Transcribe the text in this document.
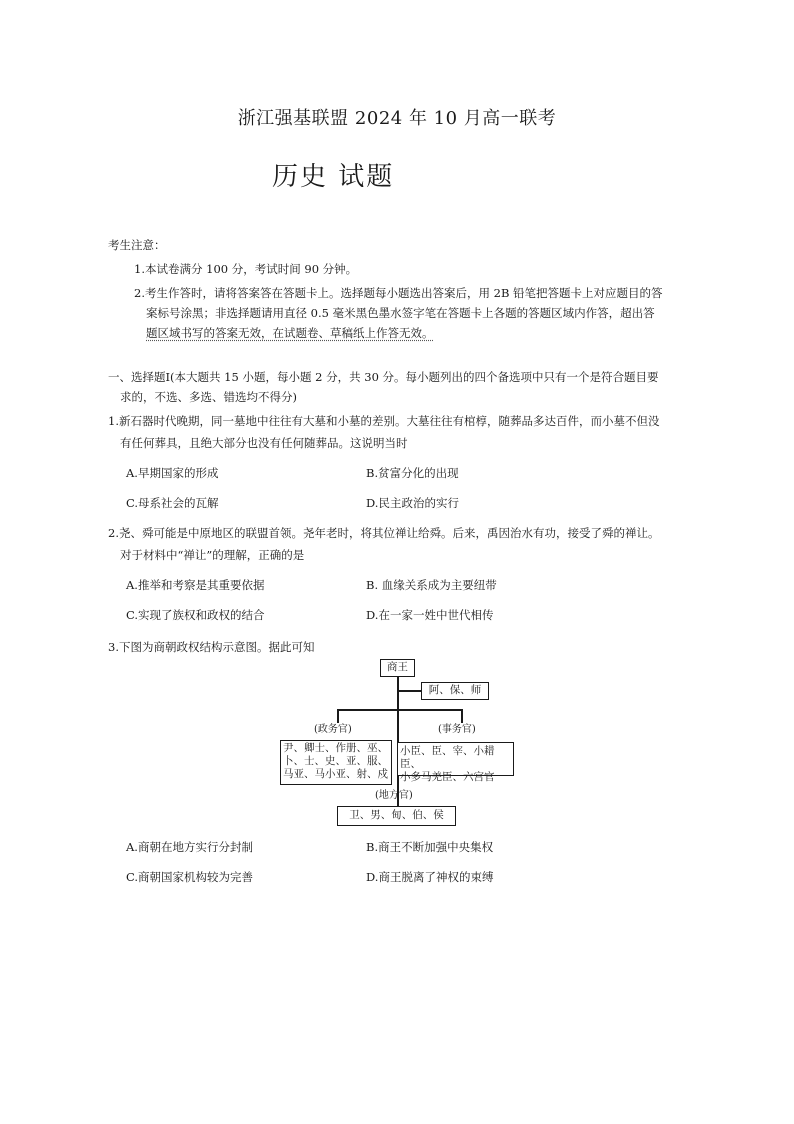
浙江强基联盟 2024 年 10 月高一联考
历史 试题
考生注意：
1.本试卷满分 100 分，考试时间 90 分钟。
2.考生作答时，请将答案答在答题卡上。选择题每小题选出答案后，用 2B 铅笔把答题卡上对应题目的答
案标号涂黑；非选择题请用直径 0.5 毫米黑色墨水签字笔在答题卡上各题的答题区域内作答，超出答
题区域书写的答案无效，在试题卷、草稿纸上作答无效。
一、选择题Ⅰ(本大题共 15 小题，每小题 2 分，共 30 分。每小题列出的四个备选项中只有一个是符合题目要
求的，不选、多选、错选均不得分)
1.新石器时代晚期，同一墓地中往往有大墓和小墓的差别。大墓往往有棺椁，随葬品多达百件，而小墓不但没
有任何葬具，且绝大部分也没有任何随葬品。这说明当时
A.早期国家的形成	B.贫富分化的出现
C.母系社会的瓦解	D.民主政治的实行
2.尧、舜可能是中原地区的联盟首领。尧年老时，将其位禅让给舜。后来，禹因治水有功，接受了舜的禅让。
对于材料中“禅让”的理解，正确的是
A.推举和考察是其重要依据	B. 血缘关系成为主要纽带
C.实现了族权和政权的结合	D.在一家一姓中世代相传
3.下图为商朝政权结构示意图。据此可知
商王
阿、保、师
(政务官)
尹、卿士、作册、巫、
卜、士、史、亚、服、
马亚、马小亚、射、戍
(事务官)
小臣、臣、宰、小耤臣、
小多马羌臣、六宫官
(地方官)
卫、男、甸、伯、侯
A.商朝在地方实行分封制	B.商王不断加强中央集权
C.商朝国家机构较为完善	D.商王脱离了神权的束缚
